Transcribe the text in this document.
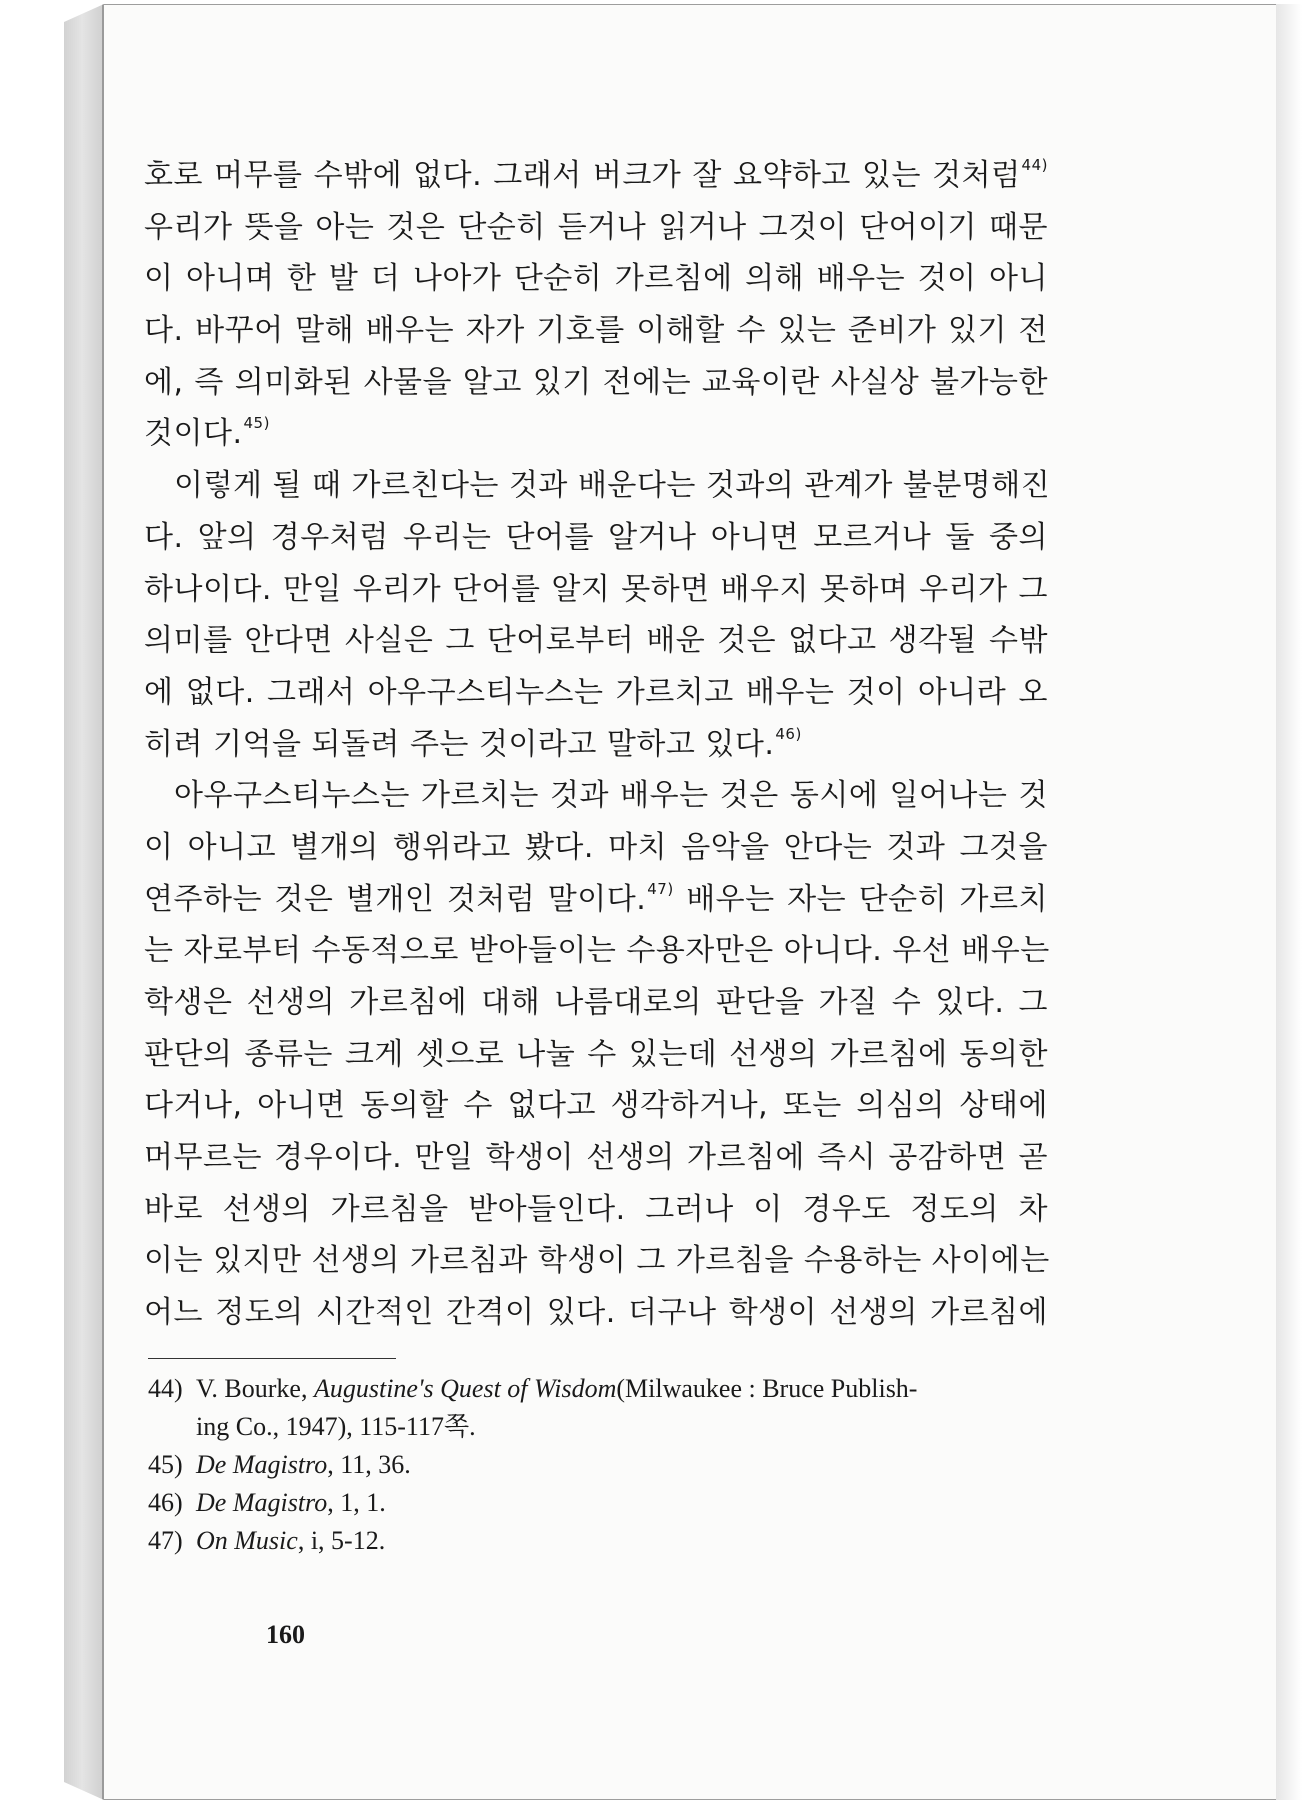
호로 머무를 수밖에 없다. 그래서 버크가 잘 요약하고 있는 것처럼$^{44)}$
우리가 뜻을 아는 것은 단순히 듣거나 읽거나 그것이 단어이기 때문
이 아니며 한 발 더 나아가 단순히 가르침에 의해 배우는 것이 아니
다. 바꾸어 말해 배우는 자가 기호를 이해할 수 있는 준비가 있기 전
에, 즉 의미화된 사물을 알고 있기 전에는 교육이란 사실상 불가능한
것이다.$^{45)}$
이렇게 될 때 가르친다는 것과 배운다는 것과의 관계가 불분명해진
다. 앞의 경우처럼 우리는 단어를 알거나 아니면 모르거나 둘 중의
하나이다. 만일 우리가 단어를 알지 못하면 배우지 못하며 우리가 그
의미를 안다면 사실은 그 단어로부터 배운 것은 없다고 생각될 수밖
에 없다. 그래서 아우구스티누스는 가르치고 배우는 것이 아니라 오
히려 기억을 되돌려 주는 것이라고 말하고 있다.$^{46)}$
아우구스티누스는 가르치는 것과 배우는 것은 동시에 일어나는 것
이 아니고 별개의 행위라고 봤다. 마치 음악을 안다는 것과 그것을
연주하는 것은 별개인 것처럼 말이다.$^{47)}$ 배우는 자는 단순히 가르치
는 자로부터 수동적으로 받아들이는 수용자만은 아니다. 우선 배우는
학생은 선생의 가르침에 대해 나름대로의 판단을 가질 수 있다. 그
판단의 종류는 크게 셋으로 나눌 수 있는데 선생의 가르침에 동의한
다거나, 아니면 동의할 수 없다고 생각하거나, 또는 의심의 상태에
머무르는 경우이다. 만일 학생이 선생의 가르침에 즉시 공감하면 곧
바로 선생의 가르침을 받아들인다. 그러나 이 경우도 정도의 차
이는 있지만 선생의 가르침과 학생이 그 가르침을 수용하는 사이에는
어느 정도의 시간적인 간격이 있다. 더구나 학생이 선생의 가르침에
44) V. Bourke, Augustine's Quest of Wisdom(Milwaukee : Bruce Publish-
ing Co., 1947), 115-117쪽.
45) De Magistro, 11, 36.
46) De Magistro, 1, 1.
47) On Music, i, 5-12.
160
